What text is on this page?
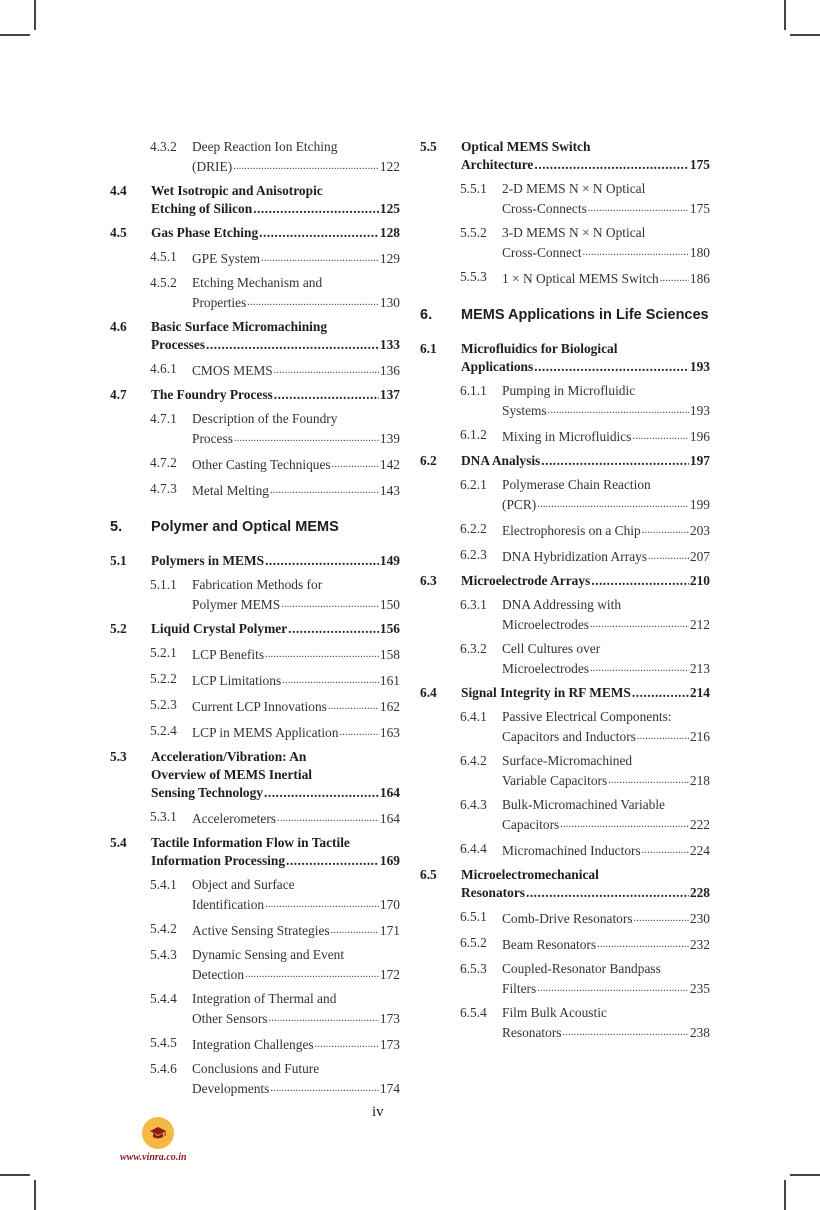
4.3.2 Deep Reaction Ion Etching
(DRIE) .....	122
4.4 Wet Isotropic and Anisotropic
Etching of Silicon .....	125
4.5 Gas Phase Etching .....	128
4.5.1 GPE System .....	129
4.5.2 Etching Mechanism and
Properties .....	130
4.6 Basic Surface Micromachining
Processes .....	133
4.6.1 CMOS MEMS .....	136
4.7 The Foundry Process .....	137
4.7.1 Description of the Foundry
Process .....	139
4.7.2 Other Casting Techniques .....	142
4.7.3 Metal Melting .....	143
5. Polymer and Optical MEMS
5.1 Polymers in MEMS .....	149
5.1.1 Fabrication Methods for
Polymer MEMS .....	150
5.2 Liquid Crystal Polymer .....	156
5.2.1 LCP Benefits .....	158
5.2.2 LCP Limitations .....	161
5.2.3 Current LCP Innovations .....	162
5.2.4 LCP in MEMS Application .....	163
5.3 Acceleration/Vibration: An
Overview of MEMS Inertial
Sensing Technology .....	164
5.3.1 Accelerometers .....	164
5.4 Tactile Information Flow in Tactile
Information Processing .....	169
5.4.1 Object and Surface
Identification .....	170
5.4.2 Active Sensing Strategies .....	171
5.4.3 Dynamic Sensing and Event
Detection .....	172
5.4.4 Integration of Thermal and
Other Sensors .....	173
5.4.5 Integration Challenges .....	173
5.4.6 Conclusions and Future
Developments .....	174
5.5 Optical MEMS Switch
Architecture .....	175
5.5.1 2-D MEMS N × N Optical
Cross-Connects .....	175
5.5.2 3-D MEMS N × N Optical
Cross-Connect .....	180
5.5.3 1 × N Optical MEMS Switch ..... 186
6. MEMS Applications in Life Sciences
6.1 Microfluidics for Biological
Applications .....	193
6.1.1 Pumping in Microfluidic
Systems .....	193
6.1.2 Mixing in Microfluidics .....	196
6.2 DNA Analysis .....	197
6.2.1 Polymerase Chain Reaction
(PCR) .....	199
6.2.2 Electrophoresis on a Chip .....	203
6.2.3 DNA Hybridization Arrays .....	207
6.3 Microelectrode Arrays .....	210
6.3.1 DNA Addressing with
Microelectrodes .....	212
6.3.2 Cell Cultures over
Microelectrodes .....	213
6.4 Signal Integrity in RF MEMS .....	214
6.4.1 Passive Electrical Components:
Capacitors and Inductors .....	216
6.4.2 Surface-Micromachined
Variable Capacitors .....	218
6.4.3 Bulk-Micromachined Variable
Capacitors .....	222
6.4.4 Micromachined Inductors .....	224
6.5 Microelectromechanical
Resonators .....	228
6.5.1 Comb-Drive Resonators .....	230
6.5.2 Beam Resonators .....	232
6.5.3 Coupled-Resonator Bandpass
Filters .....	235
6.5.4 Film Bulk Acoustic
Resonators .....	238
iv
www.vinra.co.in
